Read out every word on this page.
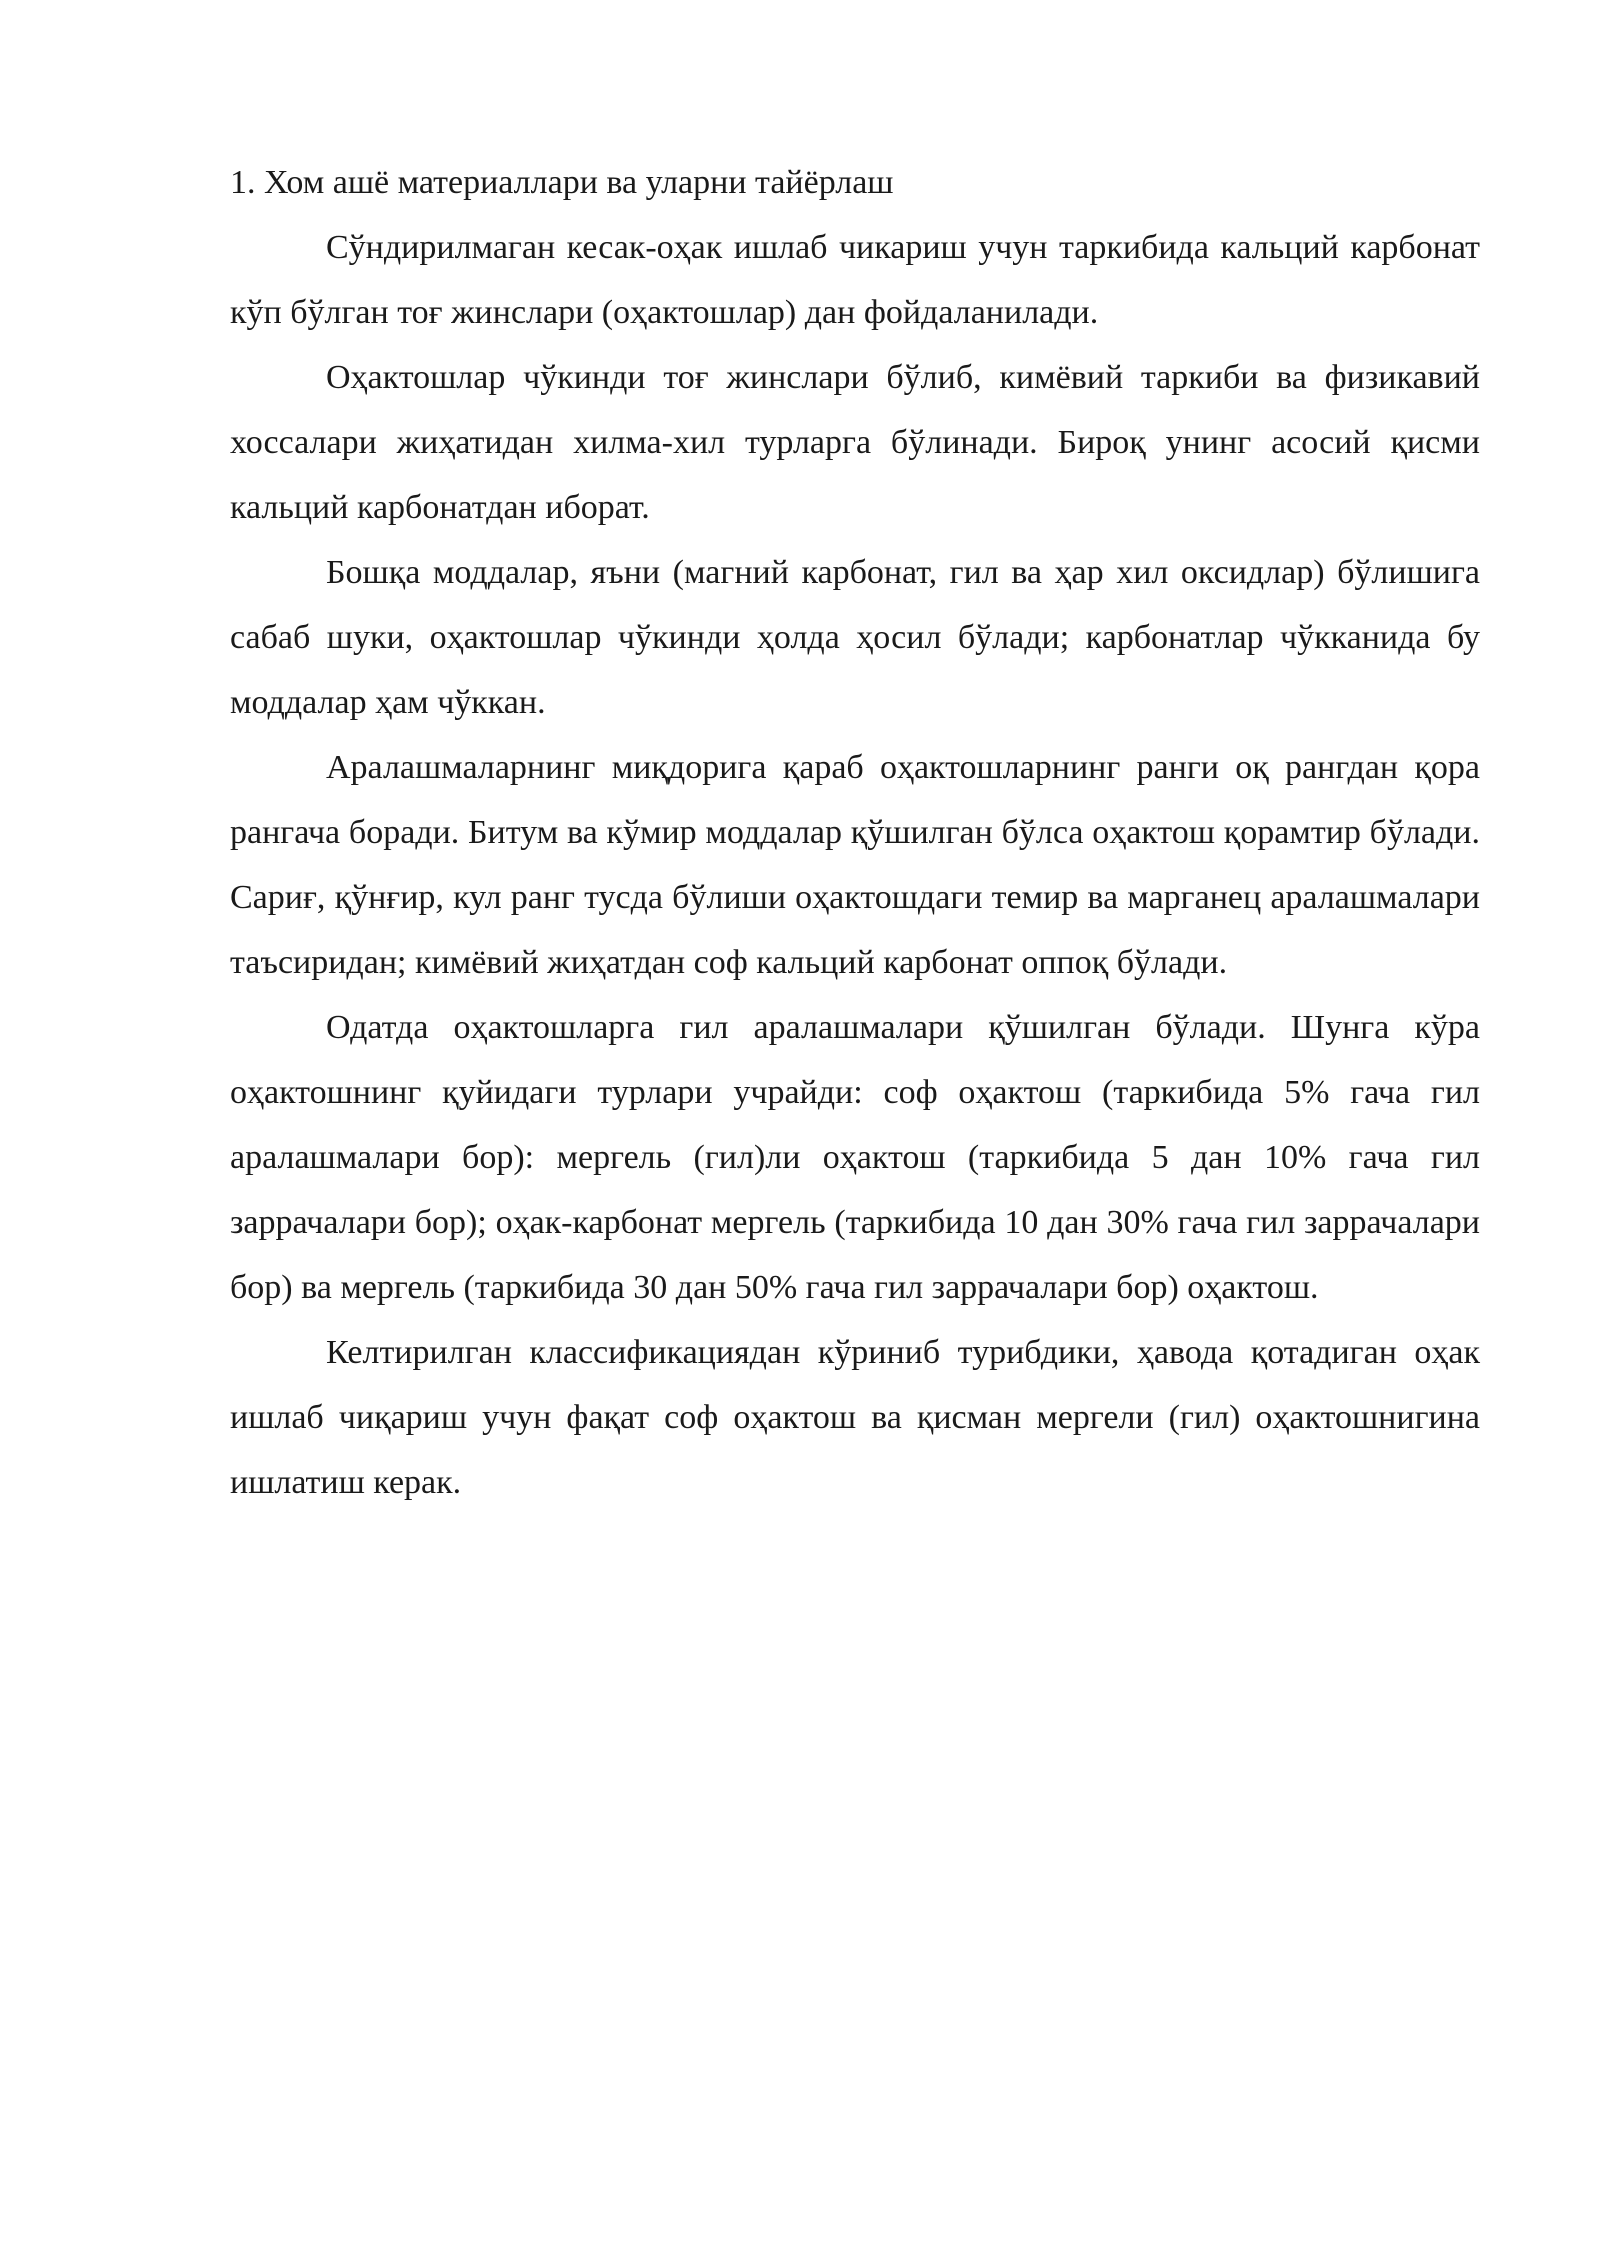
1. Хом ашё материаллари ва уларни тайёрлаш

Сўндирилмаган кесак-оҳак ишлаб чикариш учун таркибида кальций карбонат кўп бўлган тоғ жинслари (оҳактошлар) дан фойдаланилади.

Оҳактошлар чўкинди тоғ жинслари бўлиб, кимёвий таркиби ва физикавий хоссалари жиҳатидан хилма-хил турларга бўлинади. Бироқ унинг асосий қисми кальций карбонатдан иборат.

Бошқа моддалар, яъни (магний карбонат, гил ва ҳар хил оксидлар) бўлишига сабаб шуки, оҳактошлар чўкинди ҳолда ҳосил бўлади; карбонатлар чўкканида бу моддалар ҳам чўккан.

Аралашмаларнинг миқдорига қараб оҳактошларнинг ранги оқ рангдан қора рангача боради. Битум ва кўмир моддалар қўшилган бўлса оҳактош қорамтир бўлади. Сариғ, қўнғир, кул ранг тусда бўлиши оҳактошдаги темир ва марганец аралашмалари таъсиридан; кимёвий жиҳатдан соф кальций карбонат оппоқ бўлади.

Одатда оҳактошларга гил аралашмалари қўшилган бўлади. Шунга кўра оҳактошнинг қуйидаги турлари учрайди: соф оҳактош (таркибида 5% гача гил аралашмалари бор): мергель (гил)ли оҳактош (таркибида 5 дан 10% гача гил заррачалари бор); оҳак-карбонат мергель (таркибида 10 дан 30% гача гил заррачалари бор) ва мергель (таркибида 30 дан 50% гача гил заррачалари бор) оҳактош.

Келтирилган классификациядан кўриниб турибдики, ҳавода қотадиган оҳак ишлаб чиқариш учун фақат соф оҳактош ва қисман мергели (гил) оҳактошнигина ишлатиш керак.
